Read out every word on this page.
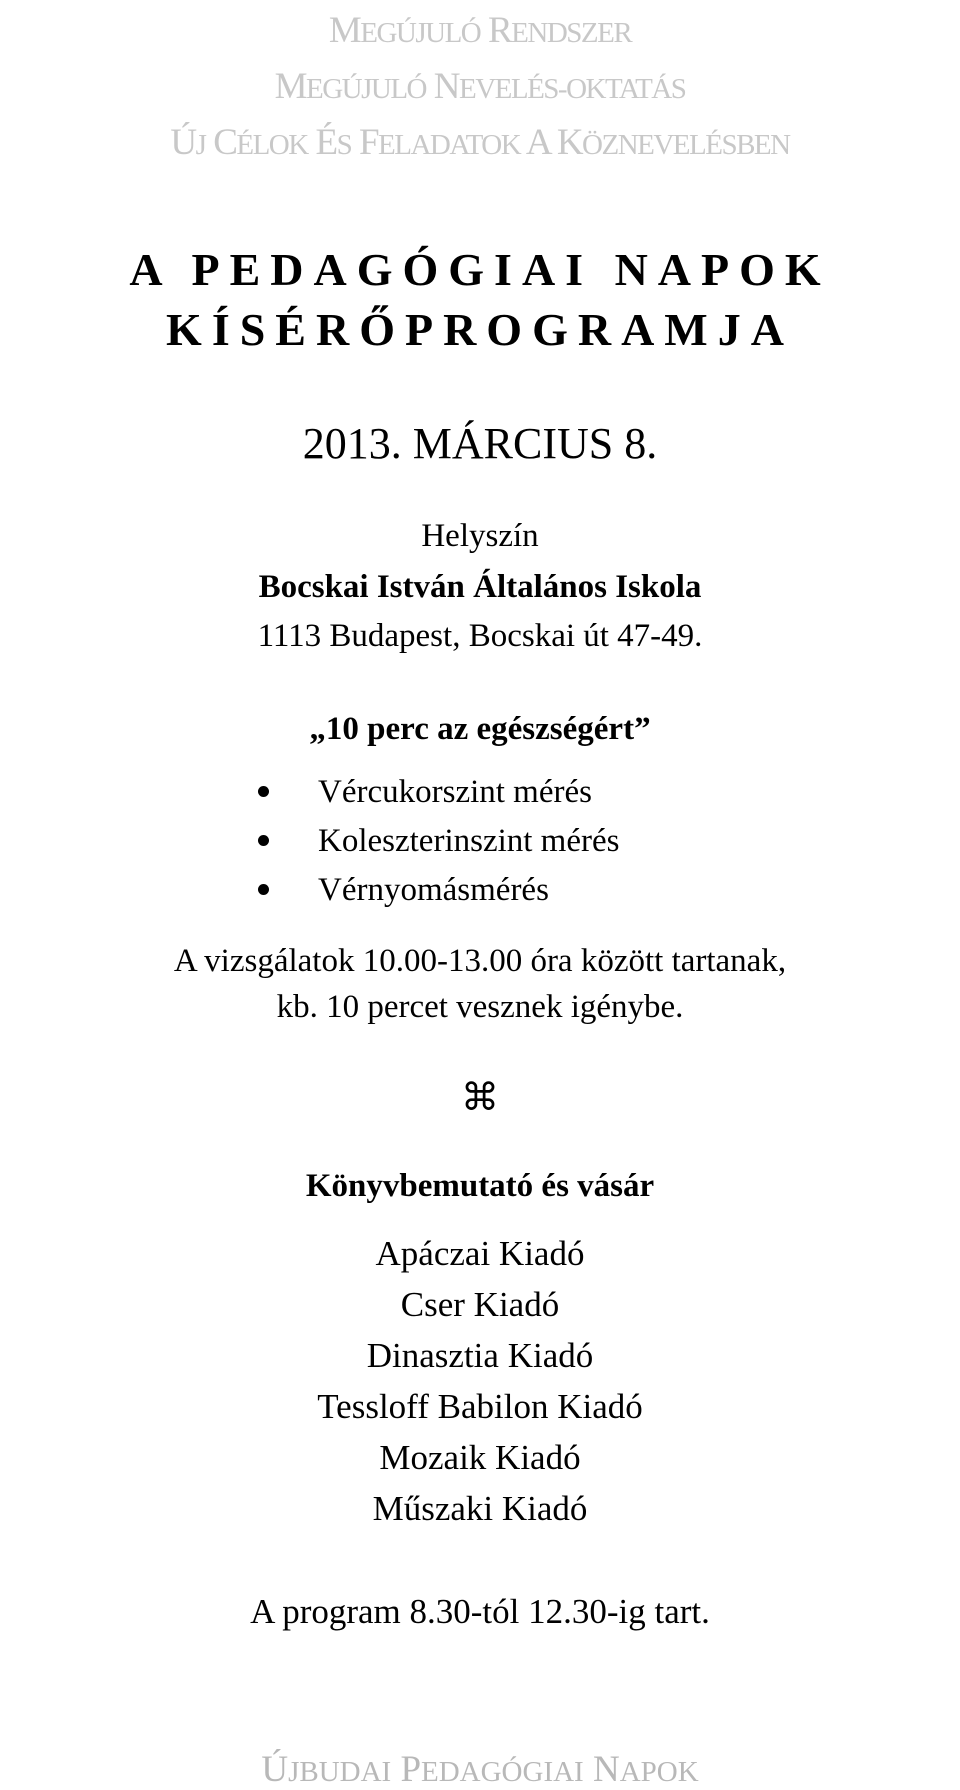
MEGÚJULÓ RENDSZER
MEGÚJULÓ NEVELÉS-OKTATÁS
ÚJ CÉLOK ÉS FELADATOK A KÖZNEVELÉSBEN
A PEDAGÓGIAI NAPOK
KÍSÉRŐPROGRAMJA
2013. MÁRCIUS 8.
Helyszín
Bocskai István Általános Iskola
1113 Budapest, Bocskai út 47-49.
„10 perc az egészségért”
Vércukorszint mérés
Koleszterinszint mérés
Vérnyomásmérés
A vizsgálatok 10.00-13.00 óra között tartanak,
kb. 10 percet vesznek igénybe.
⌘
Könyvbemutató és vásár
Apáczai Kiadó
Cser Kiadó
Dinasztia Kiadó
Tessloff Babilon Kiadó
Mozaik Kiadó
Műszaki Kiadó
A program 8.30-tól 12.30-ig tart.
ÚJBUDAI PEDAGÓGIAI NAPOK
